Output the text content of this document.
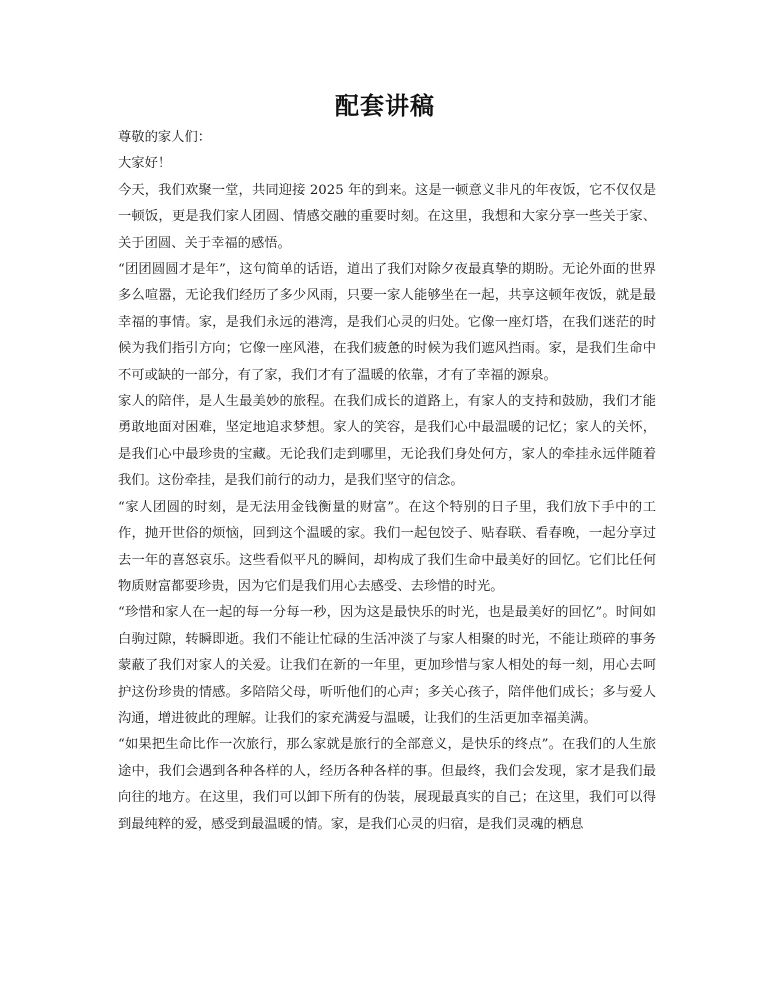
配套讲稿

尊敬的家人们：

大家好！

今天，我们欢聚一堂，共同迎接 2025 年的到来。这是一顿意义非凡的年夜饭，它不仅仅是一顿饭，更是我们家人团圆、情感交融的重要时刻。在这里，我想和大家分享一些关于家、关于团圆、关于幸福的感悟。

“团团圆圆才是年”，这句简单的话语，道出了我们对除夕夜最真挚的期盼。无论外面的世界多么喧嚣，无论我们经历了多少风雨，只要一家人能够坐在一起，共享这顿年夜饭，就是最幸福的事情。家，是我们永远的港湾，是我们心灵的归处。它像一座灯塔，在我们迷茫的时候为我们指引方向；它像一座风港，在我们疲惫的时候为我们遮风挡雨。家，是我们生命中不可或缺的一部分，有了家，我们才有了温暖的依靠，才有了幸福的源泉。

家人的陪伴，是人生最美妙的旅程。在我们成长的道路上，有家人的支持和鼓励，我们才能勇敢地面对困难，坚定地追求梦想。家人的笑容，是我们心中最温暖的记忆；家人的关怀，是我们心中最珍贵的宝藏。无论我们走到哪里，无论我们身处何方，家人的牵挂永远伴随着我们。这份牵挂，是我们前行的动力，是我们坚守的信念。

“家人团圆的时刻，是无法用金钱衡量的财富”。在这个特别的日子里，我们放下手中的工作，抛开世俗的烦恼，回到这个温暖的家。我们一起包饺子、贴春联、看春晚，一起分享过去一年的喜怒哀乐。这些看似平凡的瞬间，却构成了我们生命中最美好的回忆。它们比任何物质财富都要珍贵，因为它们是我们用心去感受、去珍惜的时光。

“珍惜和家人在一起的每一分每一秒，因为这是最快乐的时光，也是最美好的回忆”。时间如白驹过隙，转瞬即逝。我们不能让忙碌的生活冲淡了与家人相聚的时光，不能让琐碎的事务蒙蔽了我们对家人的关爱。让我们在新的一年里，更加珍惜与家人相处的每一刻，用心去呵护这份珍贵的情感。多陪陪父母，听听他们的心声；多关心孩子，陪伴他们成长；多与爱人沟通，增进彼此的理解。让我们的家充满爱与温暖，让我们的生活更加幸福美满。

“如果把生命比作一次旅行，那么家就是旅行的全部意义，是快乐的终点”。在我们的人生旅途中，我们会遇到各种各样的人，经历各种各样的事。但最终，我们会发现，家才是我们最向往的地方。在这里，我们可以卸下所有的伪装，展现最真实的自己；在这里，我们可以得到最纯粹的爱，感受到最温暖的情。家，是我们心灵的归宿，是我们灵魂的栖息
